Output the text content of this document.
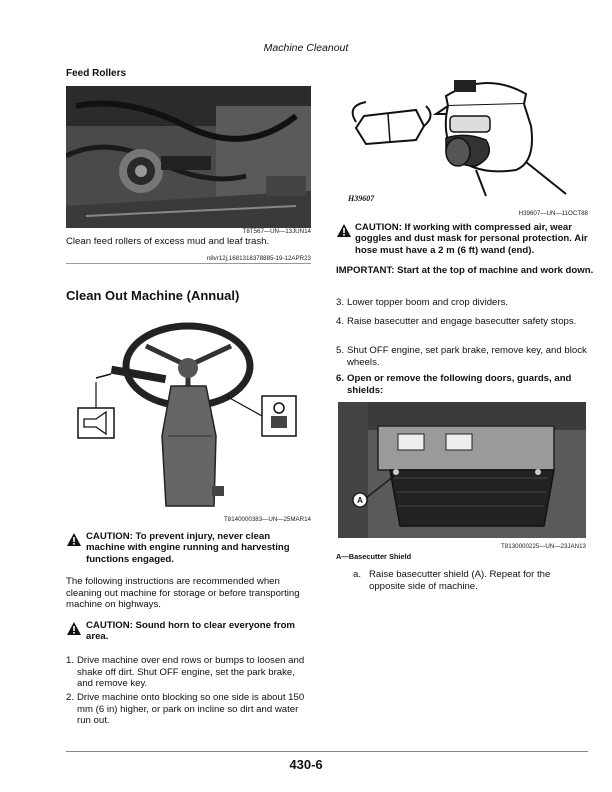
Machine Cleanout
Feed Rollers
T8T567—UN—13JUN14
Clean feed rollers of excess mud and leaf trash.
n8vr12j,1681318378885-19-12APR23
Clean Out Machine (Annual)
T8140000383—UN—25MAR14
CAUTION: To prevent injury, never clean machine with engine running and harvesting functions engaged.
The following instructions are recommended when cleaning out machine for storage or before transporting machine on highways.
CAUTION: Sound horn to clear everyone from area.
1. Drive machine over end rows or bumps to loosen and shake off dirt. Shut OFF engine, set the park brake, and remove key.
2. Drive machine onto blocking so one side is about 150 mm (6 in) higher, or park on incline so dirt and water run out.
H39607
H39607—UN—11OCT88
CAUTION: If working with compressed air, wear goggles and dust mask for personal protection. Air hose must have a 2 m (6 ft) wand (end).
IMPORTANT: Start at the top of machine and work down.
3. Lower topper boom and crop dividers.
4. Raise basecutter and engage basecutter safety stops.
5. Shut OFF engine, set park brake, remove key, and block wheels.
6. Open or remove the following doors, guards, and shields:
A
T8130000225—UN—23JAN13
A—Basecutter Shield
a. Raise basecutter shield (A). Repeat for the opposite side of machine.
430-6
